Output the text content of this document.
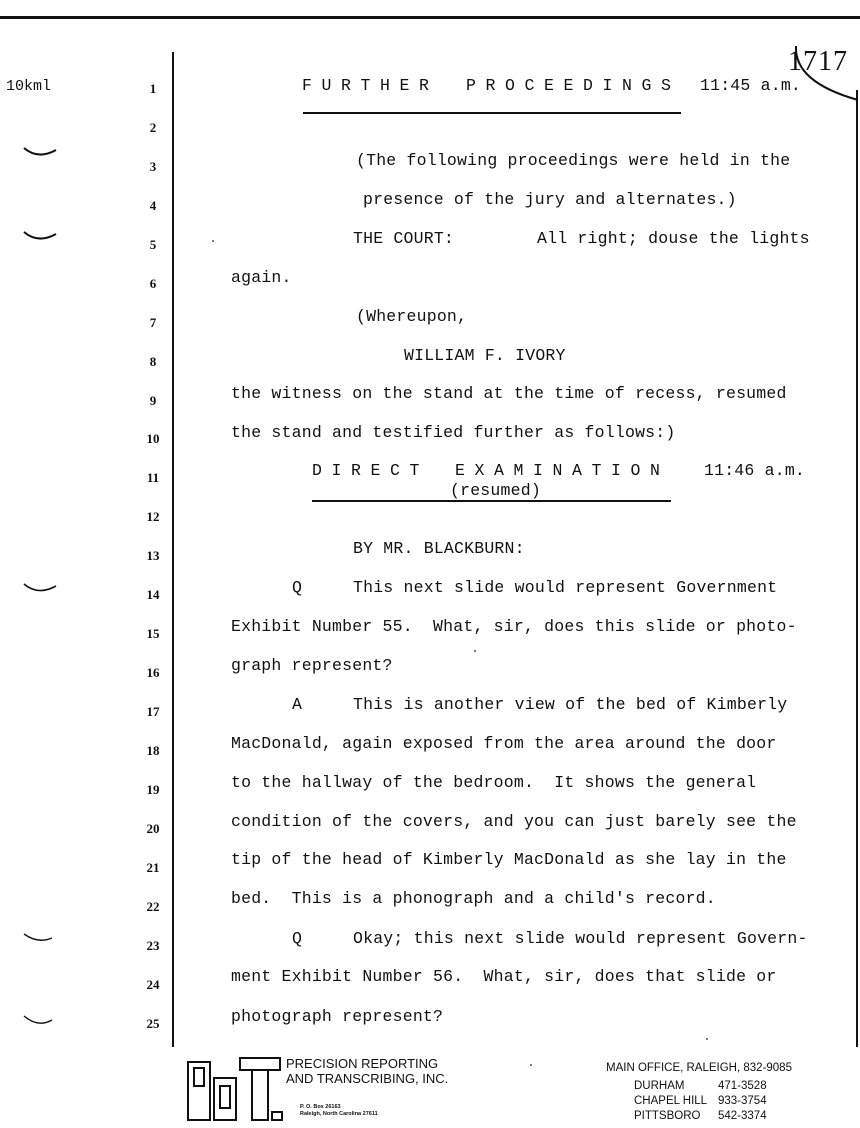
1717
10kml	1
2
3
4
5
6
7
8
9
10
11
12
13
14
15
16
17
18
19
20
21
22
23
24
25
FURTHER PROCEEDINGS 11:45 a.m.
(The following proceedings were held in the
presence of the jury and alternates.)
THE COURT:	All right; douse the lights
again.
(Whereupon,
WILLIAM F. IVORY
the witness on the stand at the time of recess, resumed
the stand and testified further as follows:)
DIRECT EXAMINATION 11:46 a.m.
(resumed)
BY MR. BLACKBURN:
Q	This next slide would represent Government
Exhibit Number 55.  What, sir, does this slide or photo-
graph represent?
A	This is another view of the bed of Kimberly
MacDonald, again exposed from the area around the door
to the hallway of the bedroom.  It shows the general
condition of the covers, and you can just barely see the
tip of the head of Kimberly MacDonald as she lay in the
bed.  This is a phonograph and a child's record.
Q	Okay; this next slide would represent Govern-
ment Exhibit Number 56.  What, sir, does that slide or
photograph represent?
PRECISION REPORTING
AND TRANSCRIBING, INC.
P. O. Box 26163
Raleigh, North Carolina 27611
MAIN OFFICE, RALEIGH, 832-9085
DURHAM	471-3528
CHAPEL HILL 933-3754
PITTSBORO 542-3374
